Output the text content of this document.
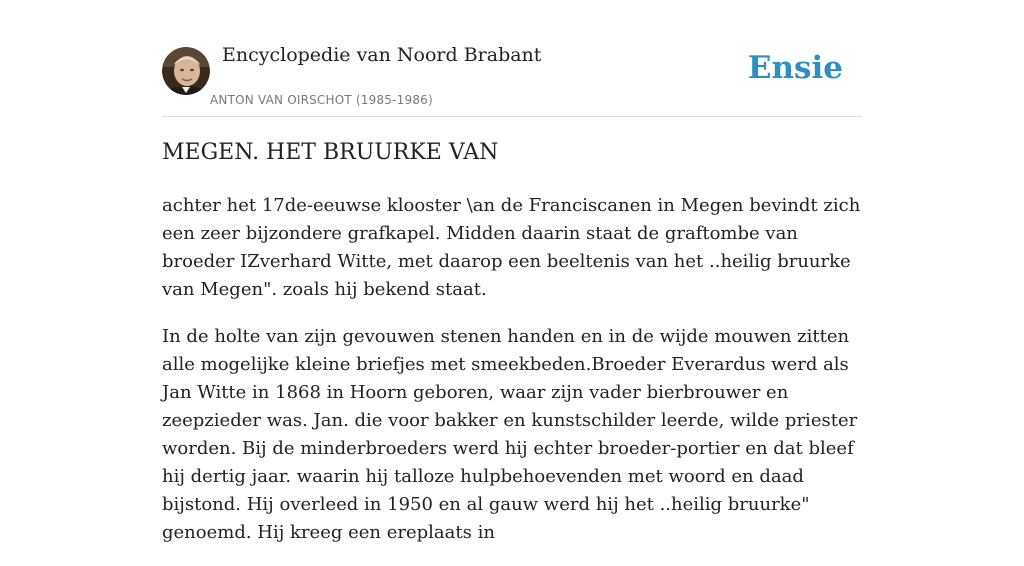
Encyclopedie van Noord Brabant
ANTON VAN OIRSCHOT (1985-1986)
Ensie
MEGEN. HET BRUURKE VAN

achter het 17de-eeuwse klooster \an de Franciscanen in Megen bevindt zich een zeer bijzondere grafkapel. Midden daarin staat de graftombe van broeder IZverhard Witte, met daarop een beeltenis van het ..heilig bruurke van Megen". zoals hij bekend staat.

In de holte van zijn gevouwen stenen handen en in de wijde mouwen zitten alle mogelijke kleine briefjes met smeekbeden.Broeder Everardus werd als Jan Witte in 1868 in Hoorn geboren, waar zijn vader bierbrouwer en zeepzieder was. Jan. die voor bakker en kunstschilder leerde, wilde priester worden. Bij de minderbroeders werd hij echter broeder-portier en dat bleef hij dertig jaar. waarin hij talloze hulpbehoevenden met woord en daad bijstond. Hij overleed in 1950 en al gauw werd hij het ..heilig bruurke" genoemd. Hij kreeg een ereplaats in
